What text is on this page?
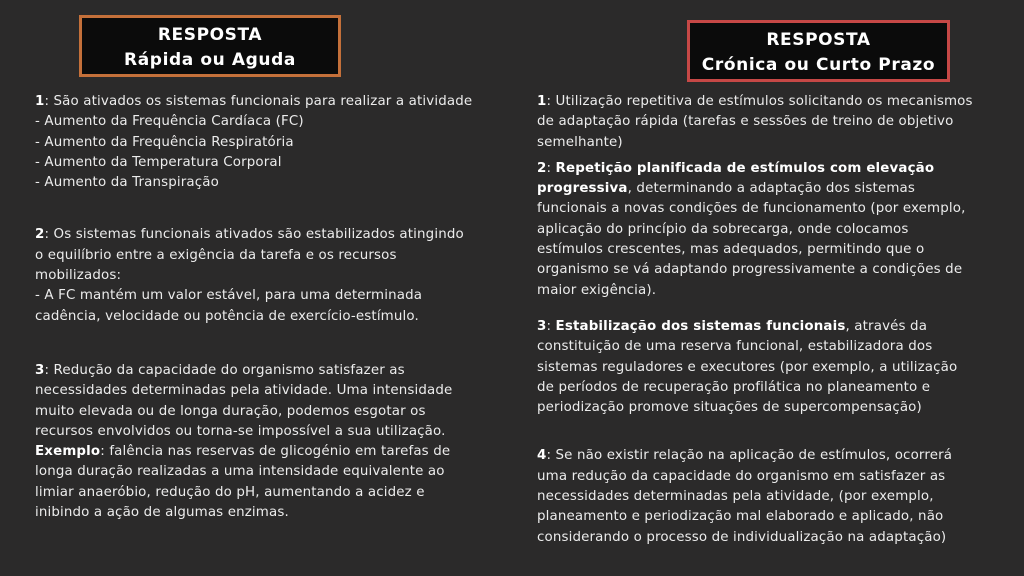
RESPOSTA
Rápida ou Aguda
RESPOSTA
Crónica ou Curto Prazo
1: São ativados os sistemas funcionais para realizar a atividade
- Aumento da Frequência Cardíaca (FC)
- Aumento da Frequência Respiratória
- Aumento da Temperatura Corporal
- Aumento da Transpiração
2: Os sistemas funcionais ativados são estabilizados atingindo
o equilíbrio entre a exigência da tarefa e os recursos
mobilizados:
- A FC mantém um valor estável, para uma determinada
cadência, velocidade ou potência de exercício-estímulo.
3: Redução da capacidade do organismo satisfazer as
necessidades determinadas pela atividade. Uma intensidade
muito elevada ou de longa duração, podemos esgotar os
recursos envolvidos ou torna-se impossível a sua utilização.
Exemplo: falência nas reservas de glicogénio em tarefas de
longa duração realizadas a uma intensidade equivalente ao
limiar anaeróbio, redução do pH, aumentando a acidez e
inibindo a ação de algumas enzimas.
1: Utilização repetitiva de estímulos solicitando os mecanismos
de adaptação rápida (tarefas e sessões de treino de objetivo
semelhante)
2: Repetição planificada de estímulos com elevação
progressiva, determinando a adaptação dos sistemas
funcionais a novas condições de funcionamento (por exemplo,
aplicação do princípio da sobrecarga, onde colocamos
estímulos crescentes, mas adequados, permitindo que o
organismo se vá adaptando progressivamente a condições de
maior exigência).
3: Estabilização dos sistemas funcionais, através da
constituição de uma reserva funcional, estabilizadora dos
sistemas reguladores e executores (por exemplo, a utilização
de períodos de recuperação profilática no planeamento e
periodização promove situações de supercompensação)
4: Se não existir relação na aplicação de estímulos, ocorrerá
uma redução da capacidade do organismo em satisfazer as
necessidades determinadas pela atividade, (por exemplo,
planeamento e periodização mal elaborado e aplicado, não
considerando o processo de individualização na adaptação)
